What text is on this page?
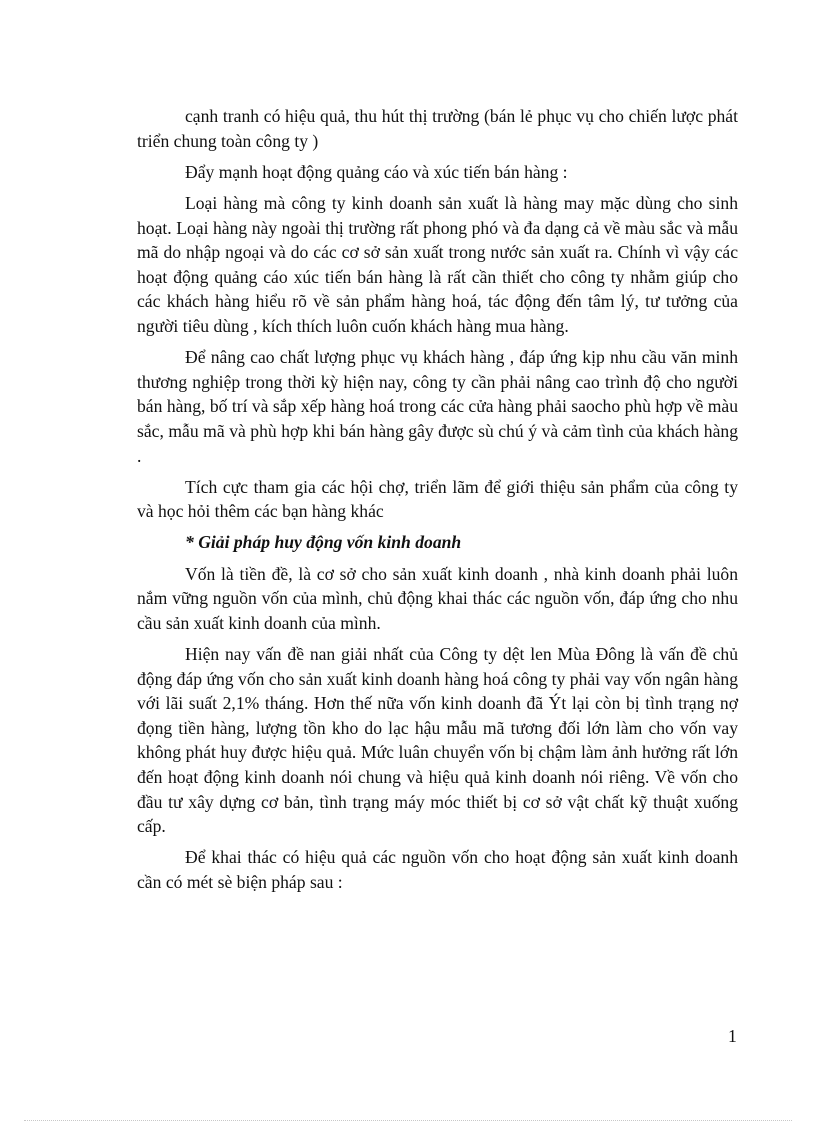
cạnh tranh có hiệu quả, thu hút thị trường (bán lẻ phục vụ cho chiến lược phát triển chung toàn công ty )

Đẩy mạnh hoạt động quảng cáo và xúc tiến bán hàng :

Loại hàng mà công ty kinh doanh sản xuất là hàng may mặc dùng cho sinh hoạt. Loại hàng này ngoài thị trường rất phong phó và đa dạng cả về màu sắc và mẫu mã do nhập ngoại và do các cơ sở sản xuất trong nước sản xuất ra. Chính vì vậy các hoạt động quảng cáo xúc tiến bán hàng là rất cần thiết cho công ty nhằm giúp cho các khách hàng hiểu rõ về sản phẩm hàng hoá, tác động đến tâm lý, tư tưởng của người tiêu dùng , kích thích luôn cuốn khách hàng mua hàng.

Để nâng cao chất lượng phục vụ khách hàng , đáp ứng kịp nhu cầu văn minh thương nghiệp trong thời kỳ hiện nay, công ty cần phải nâng cao trình độ cho người bán hàng, bố trí và sắp xếp hàng hoá trong các cửa hàng phải saocho phù hợp về màu sắc, mẫu mã và phù hợp khi bán hàng gây được sù chú ý và cảm tình của khách hàng .

Tích cực tham gia các hội chợ, triển lãm để giới thiệu sản phẩm của công ty và học hỏi thêm các bạn hàng khác

* Giải pháp huy động vốn kinh doanh

Vốn là tiền đề, là cơ sở cho sản xuất kinh doanh , nhà kinh doanh phải luôn nắm vững nguồn vốn của mình, chủ động khai thác các nguồn vốn, đáp ứng cho nhu cầu sản xuất kinh doanh của mình.

Hiện nay vấn đề nan giải nhất của Công ty dệt len Mùa Đông là vấn đề chủ động đáp ứng vốn cho sản xuất kinh doanh hàng hoá công ty phải vay vốn ngân hàng với lãi suất 2,1% tháng. Hơn thế nữa vốn kinh doanh đã Ýt lại còn bị tình trạng nợ đọng tiền hàng, lượng tồn kho do lạc hậu mẫu mã tương đối lớn làm cho vốn vay không phát huy được hiệu quả. Mức luân chuyển vốn bị chậm làm ảnh hưởng rất lớn đến hoạt động kinh doanh nói chung và hiệu quả kinh doanh nói riêng. Về vốn cho đầu tư xây dựng cơ bản, tình trạng máy móc thiết bị cơ sở vật chất kỹ thuật xuống cấp.

Để khai thác có hiệu quả các nguồn vốn cho hoạt động sản xuất kinh doanh cần có mét sè biện pháp sau :

1
